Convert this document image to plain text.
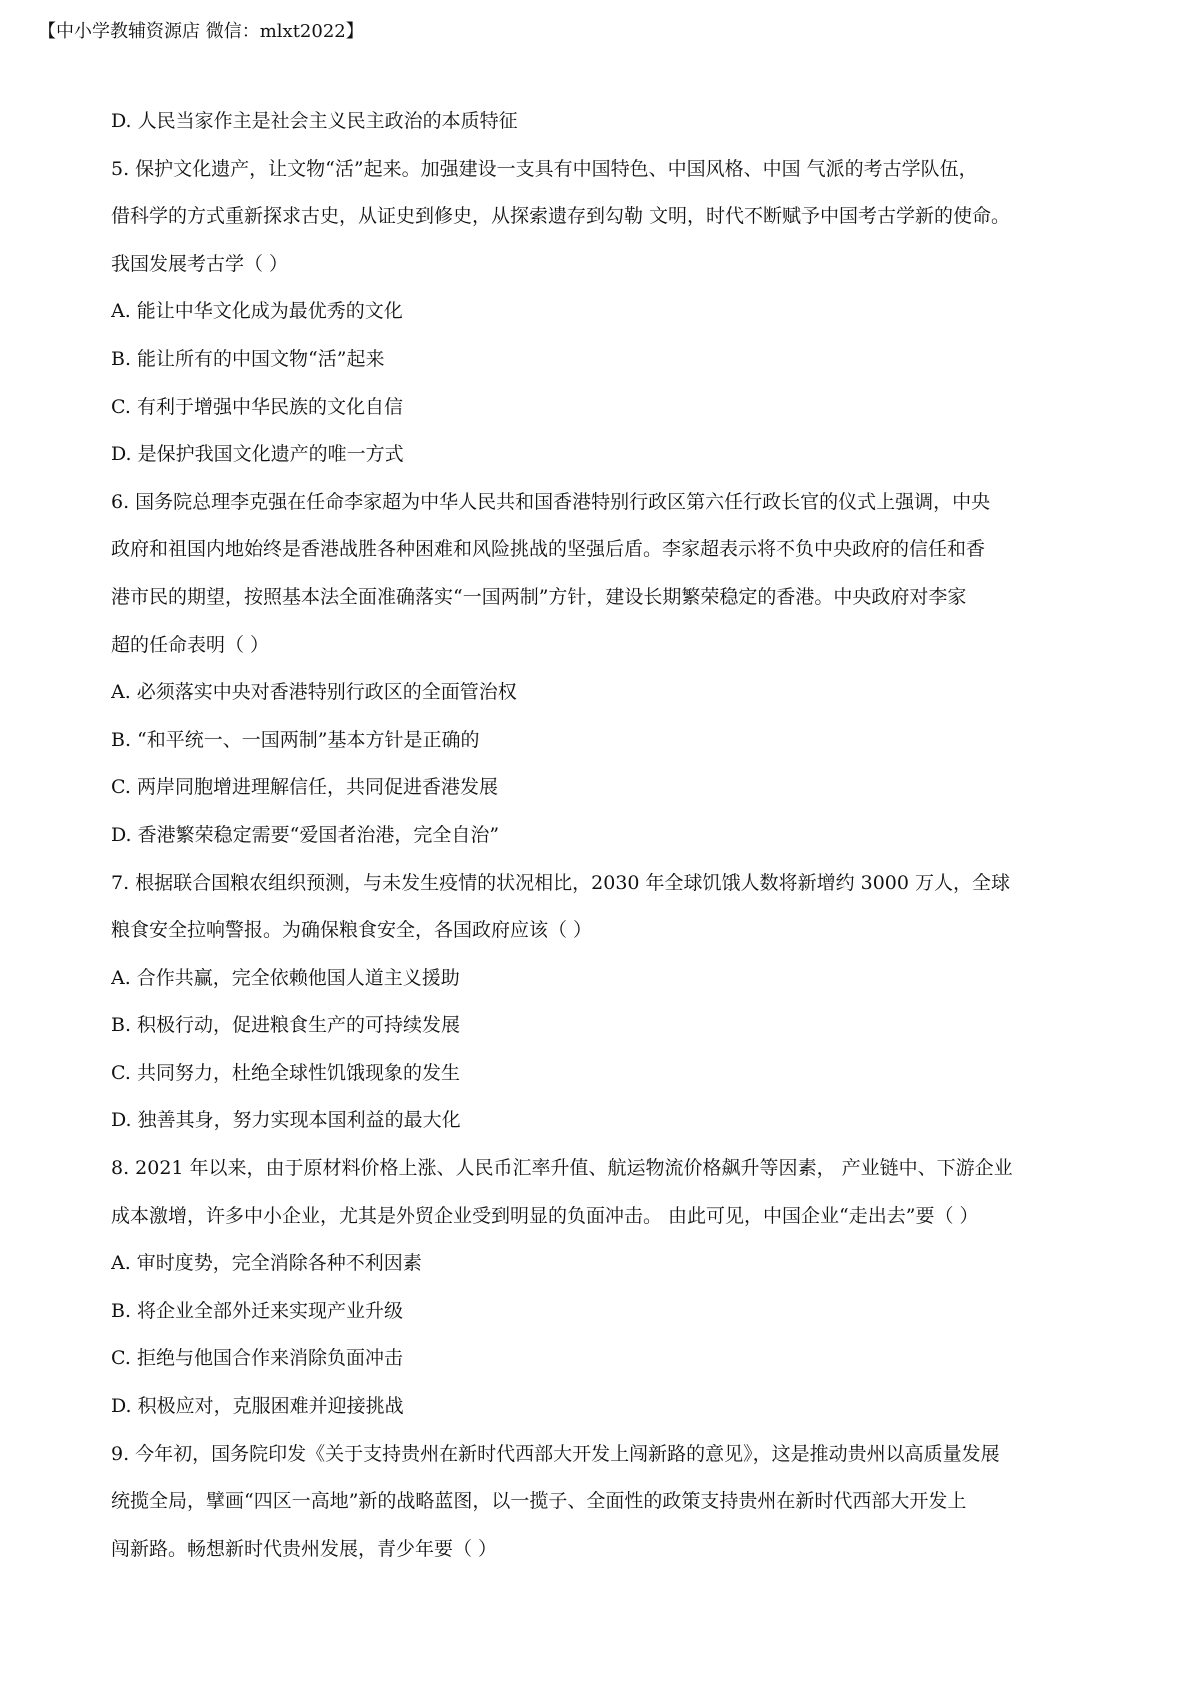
【中小学教辅资源店 微信：mlxt2022】
D. 人民当家作主是社会主义民主政治的本质特征
5. 保护文化遗产，让文物“活”起来。加强建设一支具有中国特色、中国风格、中国 气派的考古学队伍，
借科学的方式重新探求古史，从证史到修史，从探索遗存到勾勒 文明，时代不断赋予中国考古学新的使命。
我国发展考古学（ ）
A. 能让中华文化成为最优秀的文化
B. 能让所有的中国文物“活”起来
C. 有利于增强中华民族的文化自信
D. 是保护我国文化遗产的唯一方式
6. 国务院总理李克强在任命李家超为中华人民共和国香港特别行政区第六任行政长官的仪式上强调，中央
政府和祖国内地始终是香港战胜各种困难和风险挑战的坚强后盾。李家超表示将不负中央政府的信任和香
港市民的期望，按照基本法全面准确落实“一国两制”方针，建设长期繁荣稳定的香港。中央政府对李家
超的任命表明（ ）
A. 必须落实中央对香港特别行政区的全面管治权
B. “和平统一、一国两制”基本方针是正确的
C. 两岸同胞增进理解信任，共同促进香港发展
D. 香港繁荣稳定需要“爱国者治港，完全自治”
7. 根据联合国粮农组织预测，与未发生疫情的状况相比，2030 年全球饥饿人数将新增约 3000 万人，全球
粮食安全拉响警报。为确保粮食安全，各国政府应该（ ）
A. 合作共赢，完全依赖他国人道主义援助
B. 积极行动，促进粮食生产的可持续发展
C. 共同努力，杜绝全球性饥饿现象的发生
D. 独善其身，努力实现本国利益的最大化
8. 2021 年以来，由于原材料价格上涨、人民币汇率升值、航运物流价格飙升等因素， 产业链中、下游企业
成本激增，许多中小企业，尤其是外贸企业受到明显的负面冲击。 由此可见，中国企业“走出去”要（ ）
A. 审时度势，完全消除各种不利因素
B. 将企业全部外迁来实现产业升级
C. 拒绝与他国合作来消除负面冲击
D. 积极应对，克服困难并迎接挑战
9. 今年初，国务院印发《关于支持贵州在新时代西部大开发上闯新路的意见》，这是推动贵州以高质量发展
统揽全局，擘画“四区一高地”新的战略蓝图，以一揽子、全面性的政策支持贵州在新时代西部大开发上
闯新路。畅想新时代贵州发展，青少年要（ ）
